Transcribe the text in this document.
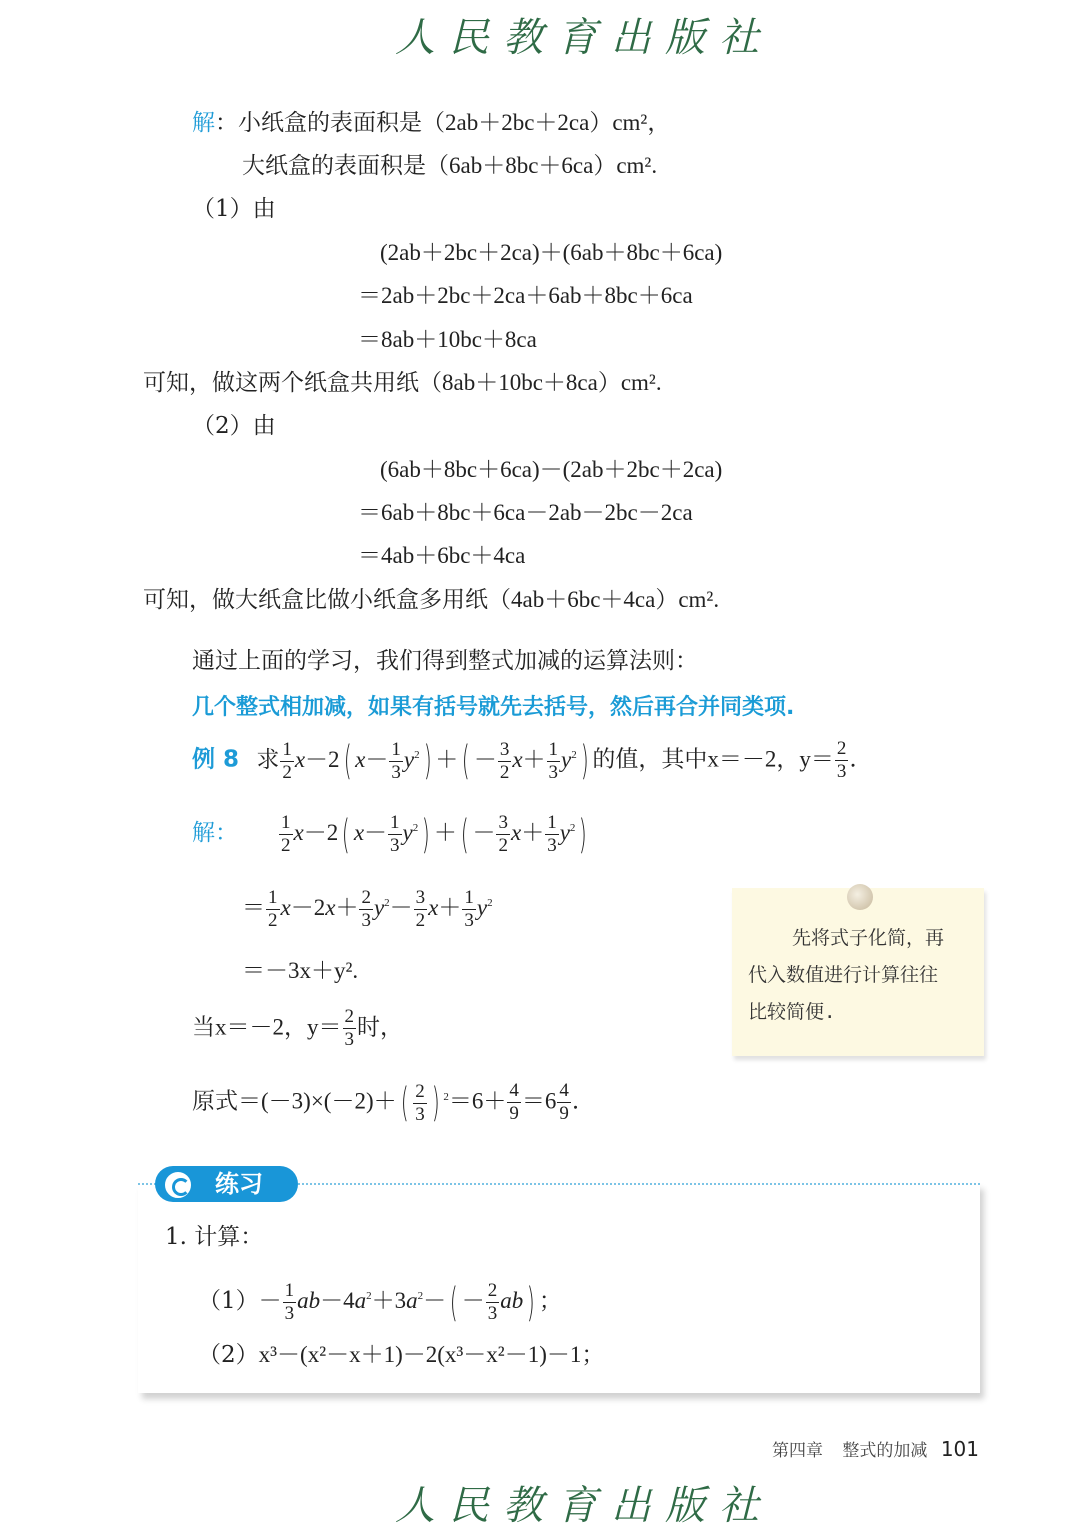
人民教育出版社
解：小纸盒的表面积是（2ab＋2bc＋2ca）cm²，
大纸盒的表面积是（6ab＋8bc＋6ca）cm².
（1）由
(2ab＋2bc＋2ca)＋(6ab＋8bc＋6ca)
＝2ab＋2bc＋2ca＋6ab＋8bc＋6ca
＝8ab＋10bc＋8ca
可知，做这两个纸盒共用纸（8ab＋10bc＋8ca）cm².
（2）由
(6ab＋8bc＋6ca)－(2ab＋2bc＋2ca)
＝6ab＋8bc＋6ca－2ab－2bc－2ca
＝4ab＋6bc＋4ca
可知，做大纸盒比做小纸盒多用纸（4ab＋6bc＋4ca）cm².
通过上面的学习，我们得到整式加减的运算法则：
几个整式相加减，如果有括号就先去括号，然后再合并同类项.
例 8 求 $\frac{1}{2} x-2$( $x- \frac{1}{3} y^2$) ＋( － $\frac{3}{2} x+ \frac{1}{3} y^2$) 的值，其中x＝－2，$y= \frac{2}{3}$ .
解： $\frac{1}{2} x-2$( $x- \frac{1}{3} y^2$) ＋( － $\frac{3}{2} x+ \frac{1}{3} y^2$)
＝ $\frac{1}{2} x-2x+ \frac{2}{3} y^2- \frac{3}{2} x+ \frac{1}{3} y^2$
＝－3x＋y².
当x＝－2，$y= \frac{2}{3}$ 时，
原式$=(-3)\times(-2)+( \frac{2}{3}$ ) $^2=6+ \frac{4}{9} =6 \frac{4}{9}$ .
先将式子化简，再
代入数值进行计算往往
比较简便.
练习
1. 计算：
$(1)- \frac{1}{3} ab-4a^2+3a^2-( - \frac{2}{3} ab)$ ；
（2）x³－(x²－x＋1)－2(x³－x²－1)－1；
第四章 整式的加减 101
人民教育出版社
